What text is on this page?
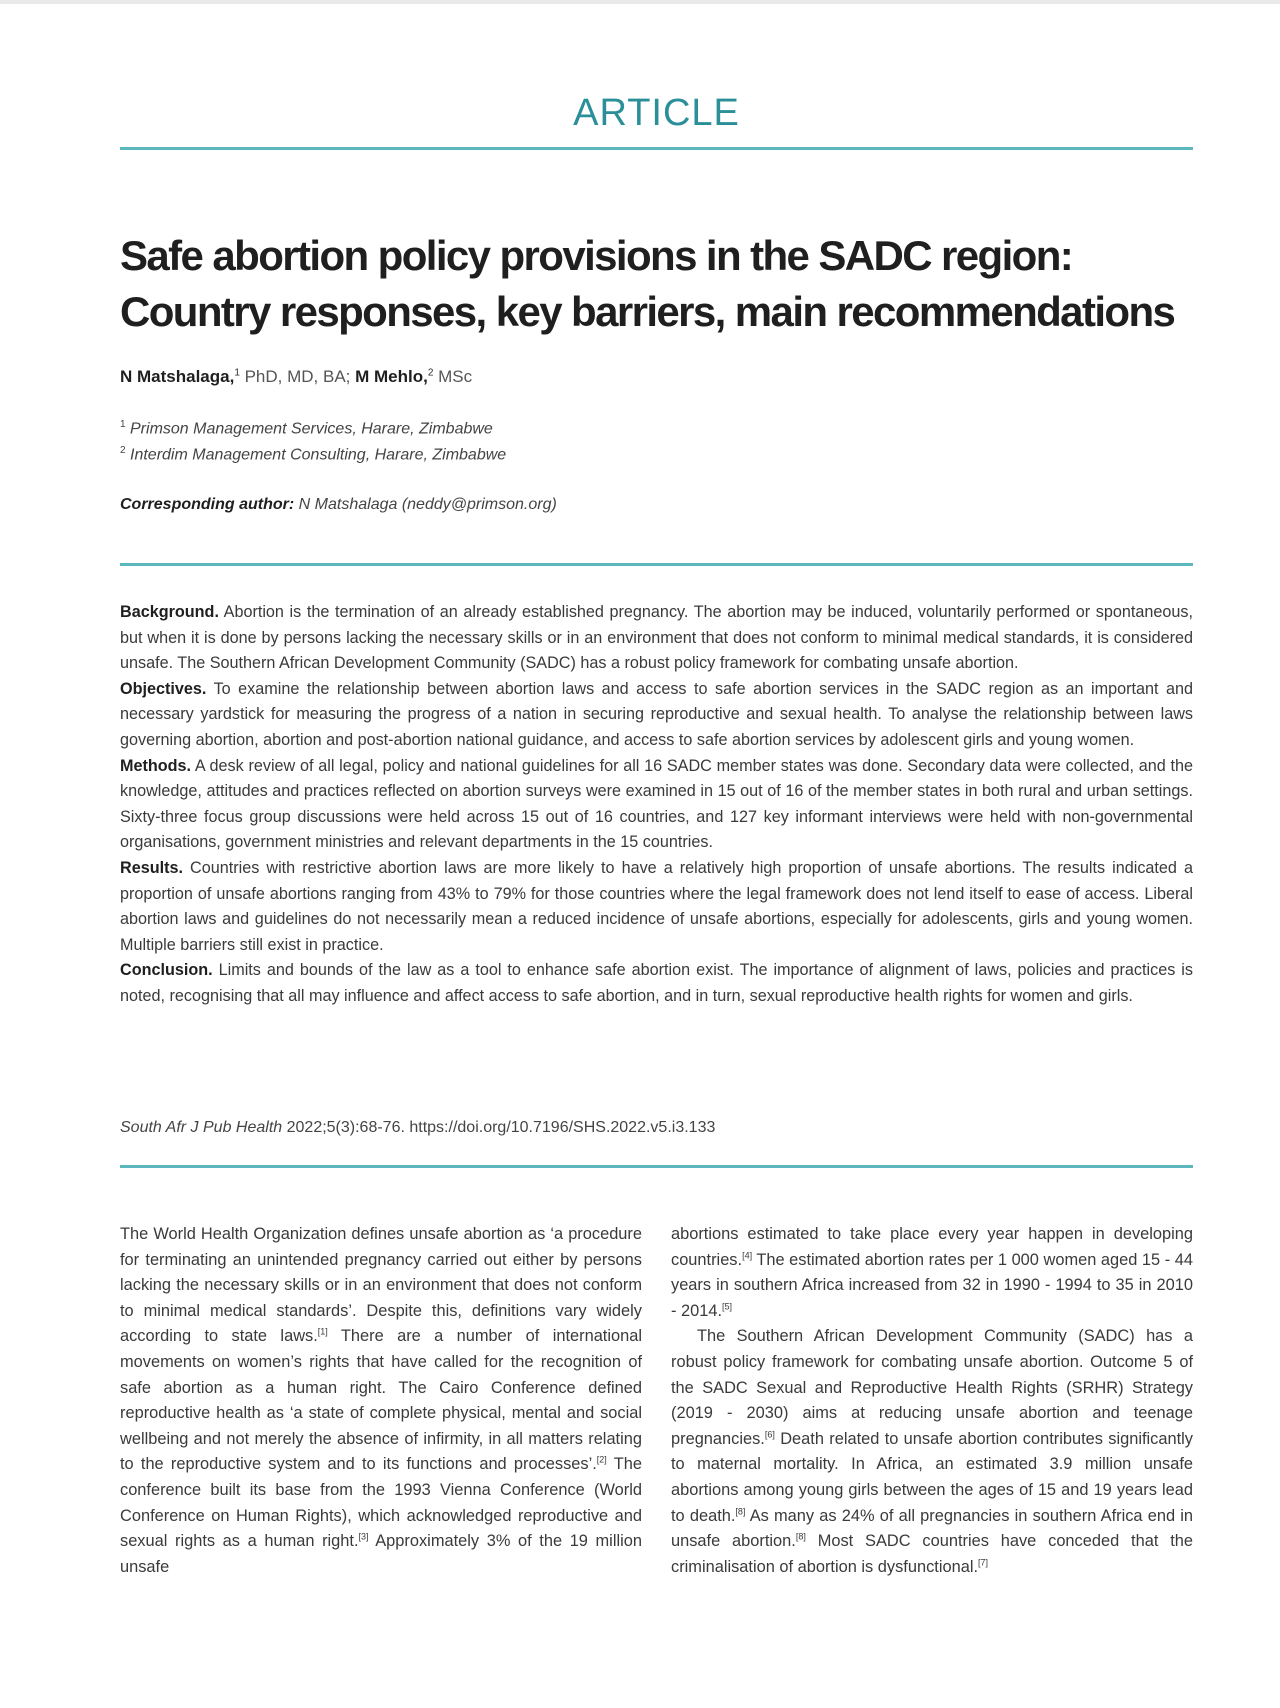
ARTICLE
Safe abortion policy provisions in the SADC region:
Country responses, key barriers, main recommendations
N Matshalaga,$^1$ PhD, MD, BA; M Mehlo,$^2$ MSc
$^1$ Primson Management Services, Harare, Zimbabwe
$^2$ Interdim Management Consulting, Harare, Zimbabwe
Corresponding author: N Matshalaga (neddy@primson.org)

Background. Abortion is the termination of an already established pregnancy. The abortion may be induced, voluntarily performed or spontaneous, but when it is done by persons lacking the necessary skills or in an environment that does not conform to minimal medical standards, it is considered unsafe. The Southern African Development Community (SADC) has a robust policy framework for combating unsafe abortion.

Objectives. To examine the relationship between abortion laws and access to safe abortion services in the SADC region as an important and necessary yardstick for measuring the progress of a nation in securing reproductive and sexual health. To analyse the relationship between laws governing abortion, abortion and post-abortion national guidance, and access to safe abortion services by adolescent girls and young women.

Methods. A desk review of all legal, policy and national guidelines for all 16 SADC member states was done. Secondary data were collected, and the knowledge, attitudes and practices reflected on abortion surveys were examined in 15 out of 16 of the member states in both rural and urban settings. Sixty-three focus group discussions were held across 15 out of 16 countries, and 127 key informant interviews were held with non-governmental organisations, government ministries and relevant departments in the 15 countries.

Results. Countries with restrictive abortion laws are more likely to have a relatively high proportion of unsafe abortions. The results indicated a proportion of unsafe abortions ranging from 43% to 79% for those countries where the legal framework does not lend itself to ease of access. Liberal abortion laws and guidelines do not necessarily mean a reduced incidence of unsafe abortions, especially for adolescents, girls and young women. Multiple barriers still exist in practice.

Conclusion. Limits and bounds of the law as a tool to enhance safe abortion exist. The importance of alignment of laws, policies and practices is noted, recognising that all may influence and affect access to safe abortion, and in turn, sexual reproductive health rights for women and girls.

South Afr J Pub Health 2022;5(3):68-76. https://doi.org/10.7196/SHS.2022.v5.i3.133

The World Health Organization defines unsafe abortion as ‘a procedure for terminating an unintended pregnancy carried out either by persons lacking the necessary skills or in an environment that does not conform to minimal medical standards’. Despite this, definitions vary widely according to state laws.[1] There are a number of international movements on women’s rights that have called for the recognition of safe abortion as a human right. The Cairo Conference defined reproductive health as ‘a state of complete physical, mental and social wellbeing and not merely the absence of infirmity, in all matters relating to the reproductive system and to its functions and processes’.[2] The conference built its base from the 1993 Vienna Conference (World Conference on Human Rights), which acknowledged reproductive and sexual rights as a human right.[3] Approximately 3% of the 19 million unsafe

abortions estimated to take place every year happen in developing countries.[4] The estimated abortion rates per 1 000 women aged 15 - 44 years in southern Africa increased from 32 in 1990 - 1994 to 35 in 2010 - 2014.[5]

The Southern African Development Community (SADC) has a robust policy framework for combating unsafe abortion. Outcome 5 of the SADC Sexual and Reproductive Health Rights (SRHR) Strategy (2019 - 2030) aims at reducing unsafe abortion and teenage pregnancies.[6] Death related to unsafe abortion contributes significantly to maternal mortality. In Africa, an estimated 3.9 million unsafe abortions among young girls between the ages of 15 and 19 years lead to death.[8] As many as 24% of all pregnancies in southern Africa end in unsafe abortion.[8] Most SADC countries have conceded that the criminalisation of abortion is dysfunctional.[7]
